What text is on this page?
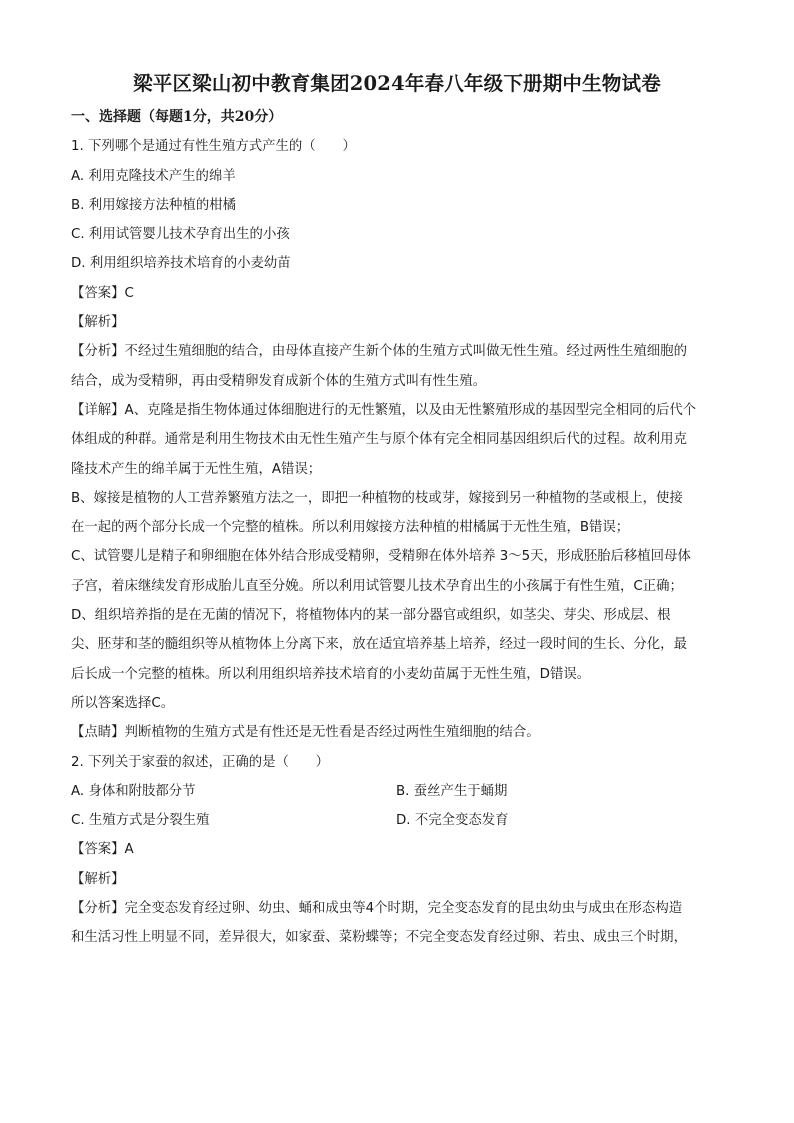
梁平区梁山初中教育集团2024年春八年级下册期中生物试卷
一、选择题（每题1分，共20分）
1. 下列哪个是通过有性生殖方式产生的（　　）
A. 利用克隆技术产生的绵羊
B. 利用嫁接方法种植的柑橘
C. 利用试管婴儿技术孕育出生的小孩
D. 利用组织培养技术培育的小麦幼苗
【答案】C
【解析】
【分析】不经过生殖细胞的结合，由母体直接产生新个体的生殖方式叫做无性生殖。经过两性生殖细胞的
结合，成为受精卵，再由受精卵发育成新个体的生殖方式叫有性生殖。
【详解】A、克隆是指生物体通过体细胞进行的无性繁殖，以及由无性繁殖形成的基因型完全相同的后代个
体组成的种群。通常是利用生物技术由无性生殖产生与原个体有完全相同基因组织后代的过程。故利用克
隆技术产生的绵羊属于无性生殖，A错误；
B、嫁接是植物的人工营养繁殖方法之一，即把一种植物的枝或芽，嫁接到另一种植物的茎或根上，使接
在一起的两个部分长成一个完整的植株。所以利用嫁接方法种植的柑橘属于无性生殖，B错误；
C、试管婴儿是精子和卵细胞在体外结合形成受精卵，受精卵在体外培养 3～5天，形成胚胎后移植回母体
子宫，着床继续发育形成胎儿直至分娩。所以利用试管婴儿技术孕育出生的小孩属于有性生殖，C正确；
D、组织培养指的是在无菌的情况下，将植物体内的某一部分器官或组织，如茎尖、芽尖、形成层、根
尖、胚芽和茎的髓组织等从植物体上分离下来，放在适宜培养基上培养，经过一段时间的生长、分化，最
后长成一个完整的植株。所以利用组织培养技术培育的小麦幼苗属于无性生殖，D错误。
所以答案选择C。
【点睛】判断植物的生殖方式是有性还是无性看是否经过两性生殖细胞的结合。
2. 下列关于家蚕的叙述，正确的是（　　）
A. 身体和附肢都分节	B. 蚕丝产生于蛹期
C. 生殖方式是分裂生殖	D. 不完全变态发育
【答案】A
【解析】
【分析】完全变态发育经过卵、幼虫、蛹和成虫等4个时期，完全变态发育的昆虫幼虫与成虫在形态构造
和生活习性上明显不同，差异很大，如家蚕、菜粉蝶等；不完全变态发育经过卵、若虫、成虫三个时期，
